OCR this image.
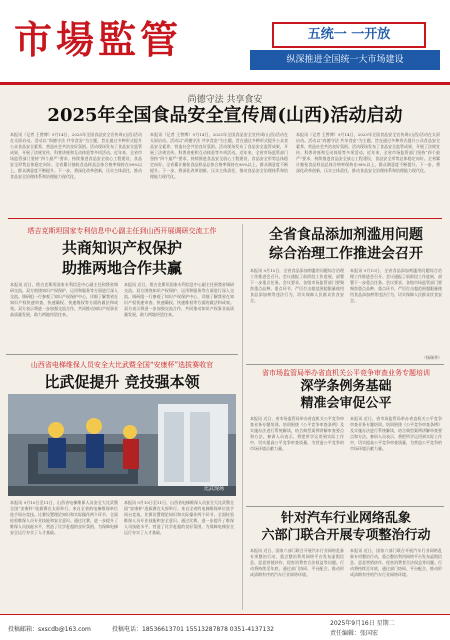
市場監管	五统一 一开放
纵深推进全国统一大市场建设
尚德守法 共享食安
2025年全国食品安全宣传周(山西)活动启动
本报讯（记者 王曾博）9月14日，2025年全国食品安全宣传周(山西)活动在太原启动。活动以“尚德守法 共享食安”为主题，旨在通过多种形式提升公众食品安全素养，营造社会共治良好氛围。活动现场发布了食品安全监管成果，开展了法规宣传、科普讲座和互动体验等多项活动。近年来，全省市场监管部门坚持“四个最严”要求，持续推进食品安全放心工程建设，食品安全形势总体稳定向好。全省累计抽检食品样品总体合格率保持在98%以上，群众满意度不断提升。下一步，将深化改革创新，压实主体责任，推动食品安全治理体系和治理能力现代化。
本报讯（记者 王曾博）9月14日，2025年全国食品安全宣传周(山西)活动在太原启动。活动以“尚德守法 共享食安”为主题，旨在通过多种形式提升公众食品安全素养，营造社会共治良好氛围。活动现场发布了食品安全监管成果，开展了法规宣传、科普讲座和互动体验等多项活动。近年来，全省市场监管部门坚持“四个最严”要求，持续推进食品安全放心工程建设，食品安全形势总体稳定向好。全省累计抽检食品样品总体合格率保持在98%以上，群众满意度不断提升。下一步，将深化改革创新，压实主体责任，推动食品安全治理体系和治理能力现代化。
本报讯（记者 王曾博）9月14日，2025年全国食品安全宣传周(山西)活动在太原启动。活动以“尚德守法 共享食安”为主题，旨在通过多种形式提升公众食品安全素养，营造社会共治良好氛围。活动现场发布了食品安全监管成果，开展了法规宣传、科普讲座和互动体验等多项活动。近年来，全省市场监管部门坚持“四个最严”要求，持续推进食品安全放心工程建设，食品安全形势总体稳定向好。全省累计抽检食品样品总体合格率保持在98%以上，群众满意度不断提升。下一步，将深化改革创新，压实主体责任，推动食品安全治理体系和治理能力现代化。
塔吉克斯坦国家专利信息中心副主任到山西开展调研交流工作
共商知识产权保护
助推两地合作共赢
本报讯 近日，塔吉克斯坦国家专利信息中心副主任到我省调研交流。双方围绕知识产权保护、运用和服务等方面进行深入交流。调研组一行参观了知识产权保护中心，详细了解我省在知识产权快速审查、快速确权、快速维权等方面的做法和成效。双方表示将进一步加强交流合作，共同推动知识产权事业高质量发展，助力两地经贸往来。
本报讯 近日，塔吉克斯坦国家专利信息中心副主任到我省调研交流。双方围绕知识产权保护、运用和服务等方面进行深入交流。调研组一行参观了知识产权保护中心，详细了解我省在知识产权快速审查、快速确权、快速维权等方面的做法和成效。双方表示将进一步加强交流合作，共同推动知识产权事业高质量发展，助力两地经贸往来。
山西省电梯维保人员安全大比武暨全国“安康杯”选拔赛收官
比武促提升 竞技强本领
比武现场
本报讯 9月10日至11日，山西省电梯维保人员安全大比武暨全国“安康杯”选拔赛在太原举行。来自全省的电梯维保单位选手同台竞技。比赛设置理论知识和实际操作两个环节，全面检验维保人员专业技能和安全意识。通过比赛，进一步提升了维保人员技能水平，营造了比学赶超的良好氛围，为保障电梯安全运行夯实了人才基础。
本报讯 9月10日至11日，山西省电梯维保人员安全大比武暨全国“安康杯”选拔赛在太原举行。来自全省的电梯维保单位选手同台竞技。比赛设置理论知识和实际操作两个环节，全面检验维保人员专业技能和安全意识。通过比赛，进一步提升了维保人员技能水平，营造了比学赶超的良好氛围，为保障电梯安全运行夯实了人才基础。
全省食品添加剂滥用问题
综合治理工作推进会召开
本报讯 9月15日，全省食品添加剂滥用问题综合治理工作推进会召开。会议通报了前阶段工作进展，部署下一步重点任务。会议要求，各级市场监管部门要聚焦重点品种、重点环节，严厉打击超范围超限量使用食品添加剂等违法行为，切实保障人民群众饮食安全。
本报讯 9月15日，全省食品添加剂滥用问题综合治理工作推进会召开。会议通报了前阶段工作进展，部署下一步重点任务。会议要求，各级市场监管部门要聚焦重点品种、重点环节，严厉打击超范围超限量使用食品添加剂等违法行为，切实保障人民群众饮食安全。
（杨瑞华）
省市场监管局举办省直机关公平竞争审查业务专题培训
深学条例务基础
精准会审促公平
本报讯 近日，省市场监管局举办省直机关公平竞争审查业务专题培训。培训围绕《公平竞争审查条例》及实施办法进行系统解读，结合典型案例讲解审查要点和方法。参训人员表示，将把所学运用到实际工作中，切实提高公平竞争审查质量，为营造公平竞争的市场环境贡献力量。
本报讯 近日，省市场监管局举办省直机关公平竞争审查业务专题培训。培训围绕《公平竞争审查条例》及实施办法进行系统解读，结合典型案例讲解审查要点和方法。参训人员表示，将把所学运用到实际工作中，切实提高公平竞争审查质量，为营造公平竞争的市场环境贡献力量。
针对汽车行业网络乱象
六部门联合开展专项整治行动
本报讯 近日，国家六部门联合开展汽车行业网络乱象专项整治行动，重点整治利用网络平台发布虚假信息、恶意营销炒作、侵害消费者合法权益等问题。行动将持续至年底，通过部门协同、平台配合，推动形成清朗有序的汽车行业网络环境。
本报讯 近日，国家六部门联合开展汽车行业网络乱象专项整治行动，重点整治利用网络平台发布虚假信息、恶意营销炒作、侵害消费者合法权益等问题。行动将持续至年底，通过部门协同、平台配合，推动形成清朗有序的汽车行业网络环境。
投稿邮箱：sxscdb@163.com	投稿电话：18536613701 15513287878 0351-4137132
2025年9月16日 星期二
责任编辑：张国宏
